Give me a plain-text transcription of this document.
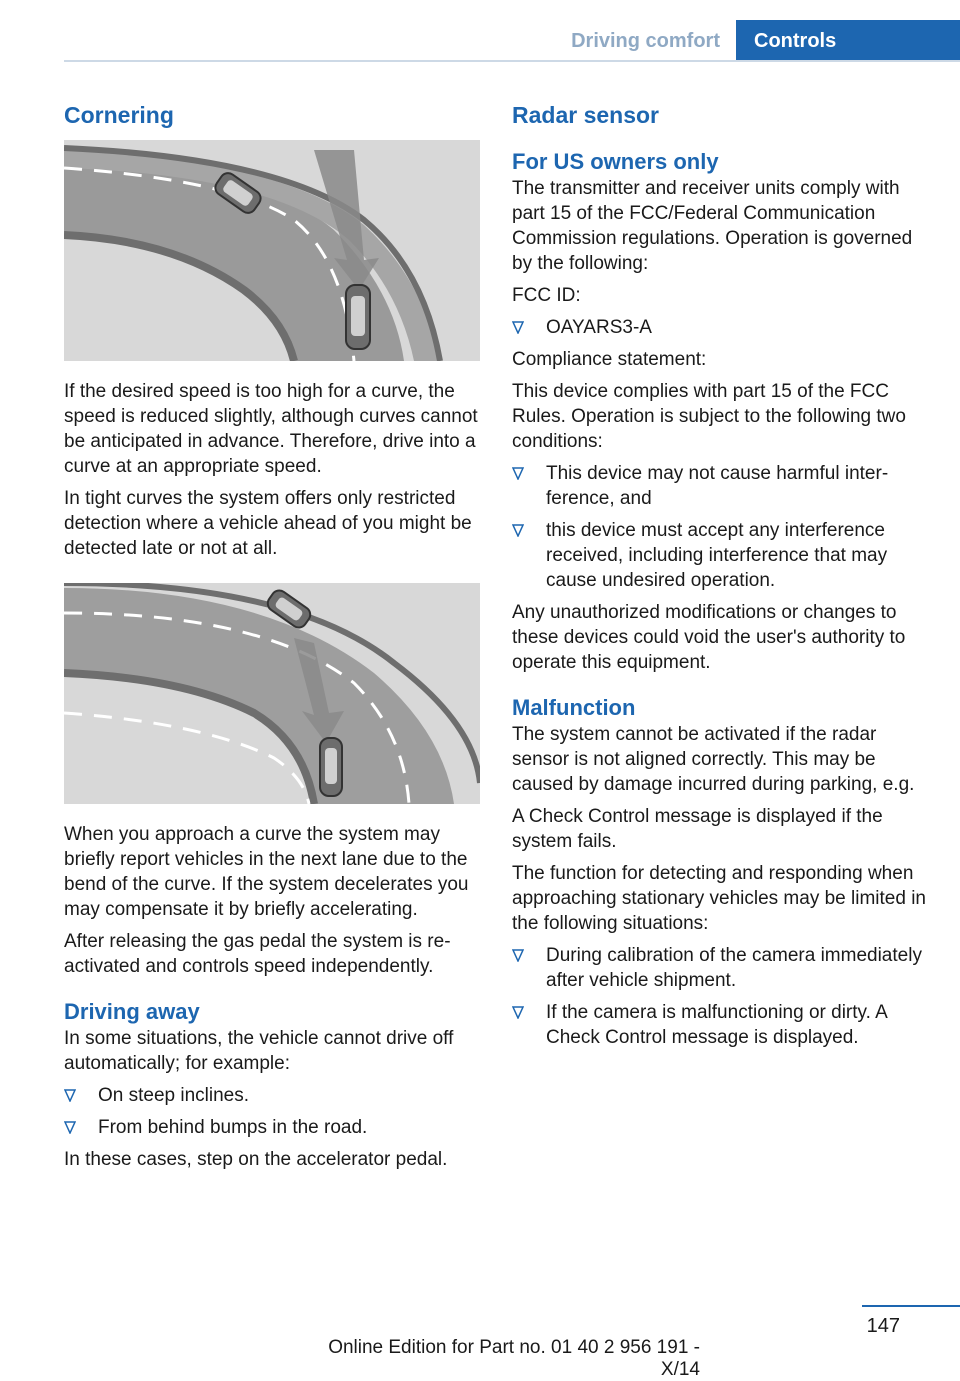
Driving comfort	Controls
Cornering

If the desired speed is too high for a curve, the speed is reduced slightly, although curves cannot be anticipated in advance. Therefore, drive into a curve at an appropriate speed.

In tight curves the system offers only restricted detection where a vehicle ahead of you might be detected late or not at all.

When you approach a curve the system may briefly report vehicles in the next lane due to the bend of the curve. If the system decelerates you may compensate it by briefly accelerating.

After releasing the gas pedal the system is reactivated and controls speed independently.

Driving away

In some situations, the vehicle cannot drive off automatically; for example:

On steep inclines.
From behind bumps in the road.

In these cases, step on the accelerator pedal.

Radar sensor
For US owners only

The transmitter and receiver units comply with part 15 of the FCC/Federal Communication Commission regulations. Operation is governed by the following:

FCC ID:

OAYARS3-A

Compliance statement:

This device complies with part 15 of the FCC Rules. Operation is subject to the following two conditions:

This device may not cause harmful interference, and
this device must accept any interference received, including interference that may cause undesired operation.

Any unauthorized modifications or changes to these devices could void the user's authority to operate this equipment.

Malfunction

The system cannot be activated if the radar sensor is not aligned correctly. This may be caused by damage incurred during parking, e.g.

A Check Control message is displayed if the system fails.

The function for detecting and responding when approaching stationary vehicles may be limited in the following situations:

During calibration of the camera immediately after vehicle shipment.
If the camera is malfunctioning or dirty. A Check Control message is displayed.
147
Online Edition for Part no. 01 40 2 956 191 - X/14
